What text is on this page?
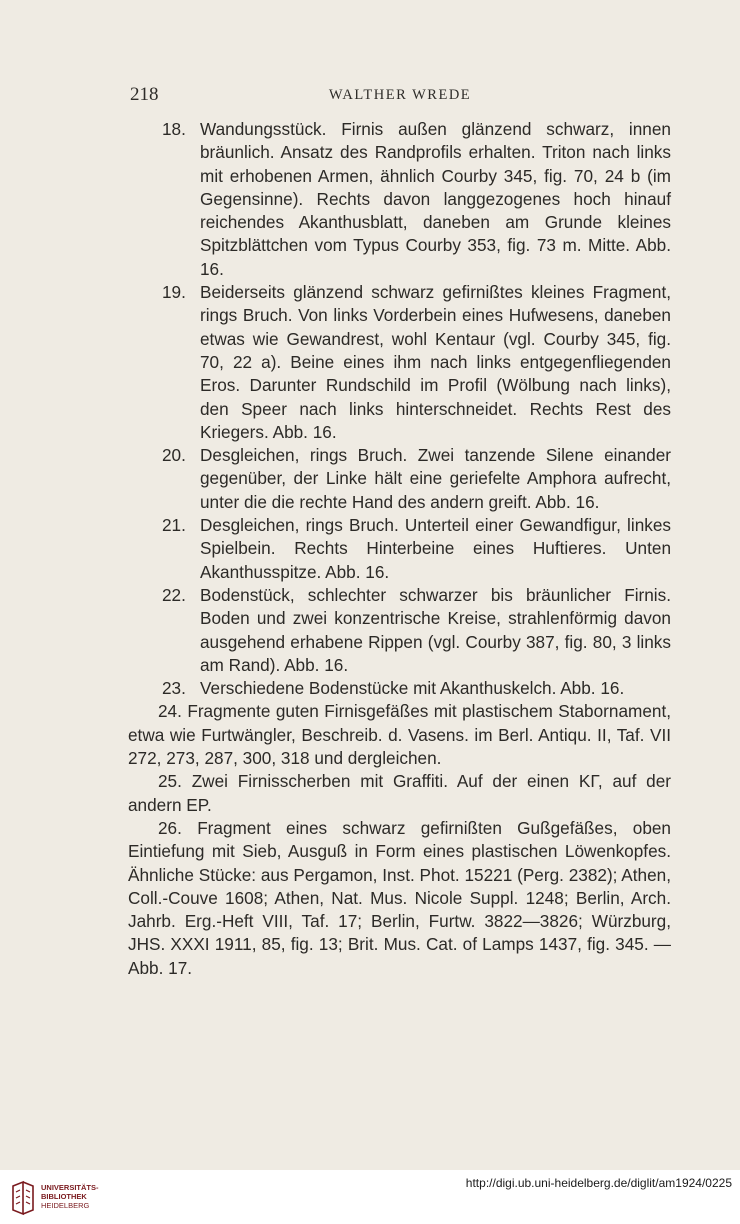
218	WALTHER WREDE
18. Wandungsstück. Firnis außen glänzend schwarz, innen bräunlich. Ansatz des Randprofils erhalten. Triton nach links mit erhobenen Armen, ähnlich Courby 345, fig. 70, 24 b (im Gegensinne). Rechts davon langgezogenes hoch hinauf reichendes Akanthusblatt, daneben am Grunde kleines Spitzblättchen vom Typus Courby 353, fig. 73 m. Mitte. Abb. 16.
19. Beiderseits glänzend schwarz gefirnißtes kleines Fragment, rings Bruch. Von links Vorderbein eines Hufwesens, daneben etwas wie Gewandrest, wohl Kentaur (vgl. Courby 345, fig. 70, 22 a). Beine eines ihm nach links entgegenfliegenden Eros. Darunter Rundschild im Profil (Wölbung nach links), den Speer nach links hinterschneidet. Rechts Rest des Kriegers. Abb. 16.
20. Desgleichen, rings Bruch. Zwei tanzende Silene einander gegenüber, der Linke hält eine geriefelte Amphora aufrecht, unter die die rechte Hand des andern greift. Abb. 16.
21. Desgleichen, rings Bruch. Unterteil einer Gewandfigur, linkes Spielbein. Rechts Hinterbeine eines Huftieres. Unten Akanthusspitze. Abb. 16.
22. Bodenstück, schlechter schwarzer bis bräunlicher Firnis. Boden und zwei konzentrische Kreise, strahlenförmig davon ausgehend erhabene Rippen (vgl. Courby 387, fig. 80, 3 links am Rand). Abb. 16.
23. Verschiedene Bodenstücke mit Akanthuskelch. Abb. 16.
24. Fragmente guten Firnisgefäßes mit plastischem Stabornament, etwa wie Furtwängler, Beschreib. d. Vasens. im Berl. Antiqu. II, Taf. VII 272, 273, 287, 300, 318 und dergleichen.
25. Zwei Firnisscherben mit Graffiti. Auf der einen ΚΓ, auf der andern ΕΡ.
26. Fragment eines schwarz gefirnißten Gußgefäßes, oben Eintiefung mit Sieb, Ausguß in Form eines plastischen Löwenkopfes. Ähnliche Stücke: aus Pergamon, Inst. Phot. 15221 (Perg. 2382); Athen, Coll.-Couve 1608; Athen, Nat. Mus. Nicole Suppl. 1248; Berlin, Arch. Jahrb. Erg.-Heft VIII, Taf. 17; Berlin, Furtw. 3822—3826; Würzburg, JHS. XXXI 1911, 85, fig. 13; Brit. Mus. Cat. of Lamps 1437, fig. 345. — Abb. 17.
UNIVERSITÄTS-
BIBLIOTHEK
HEIDELBERG
http://digi.ub.uni-heidelberg.de/diglit/am1924/0225
